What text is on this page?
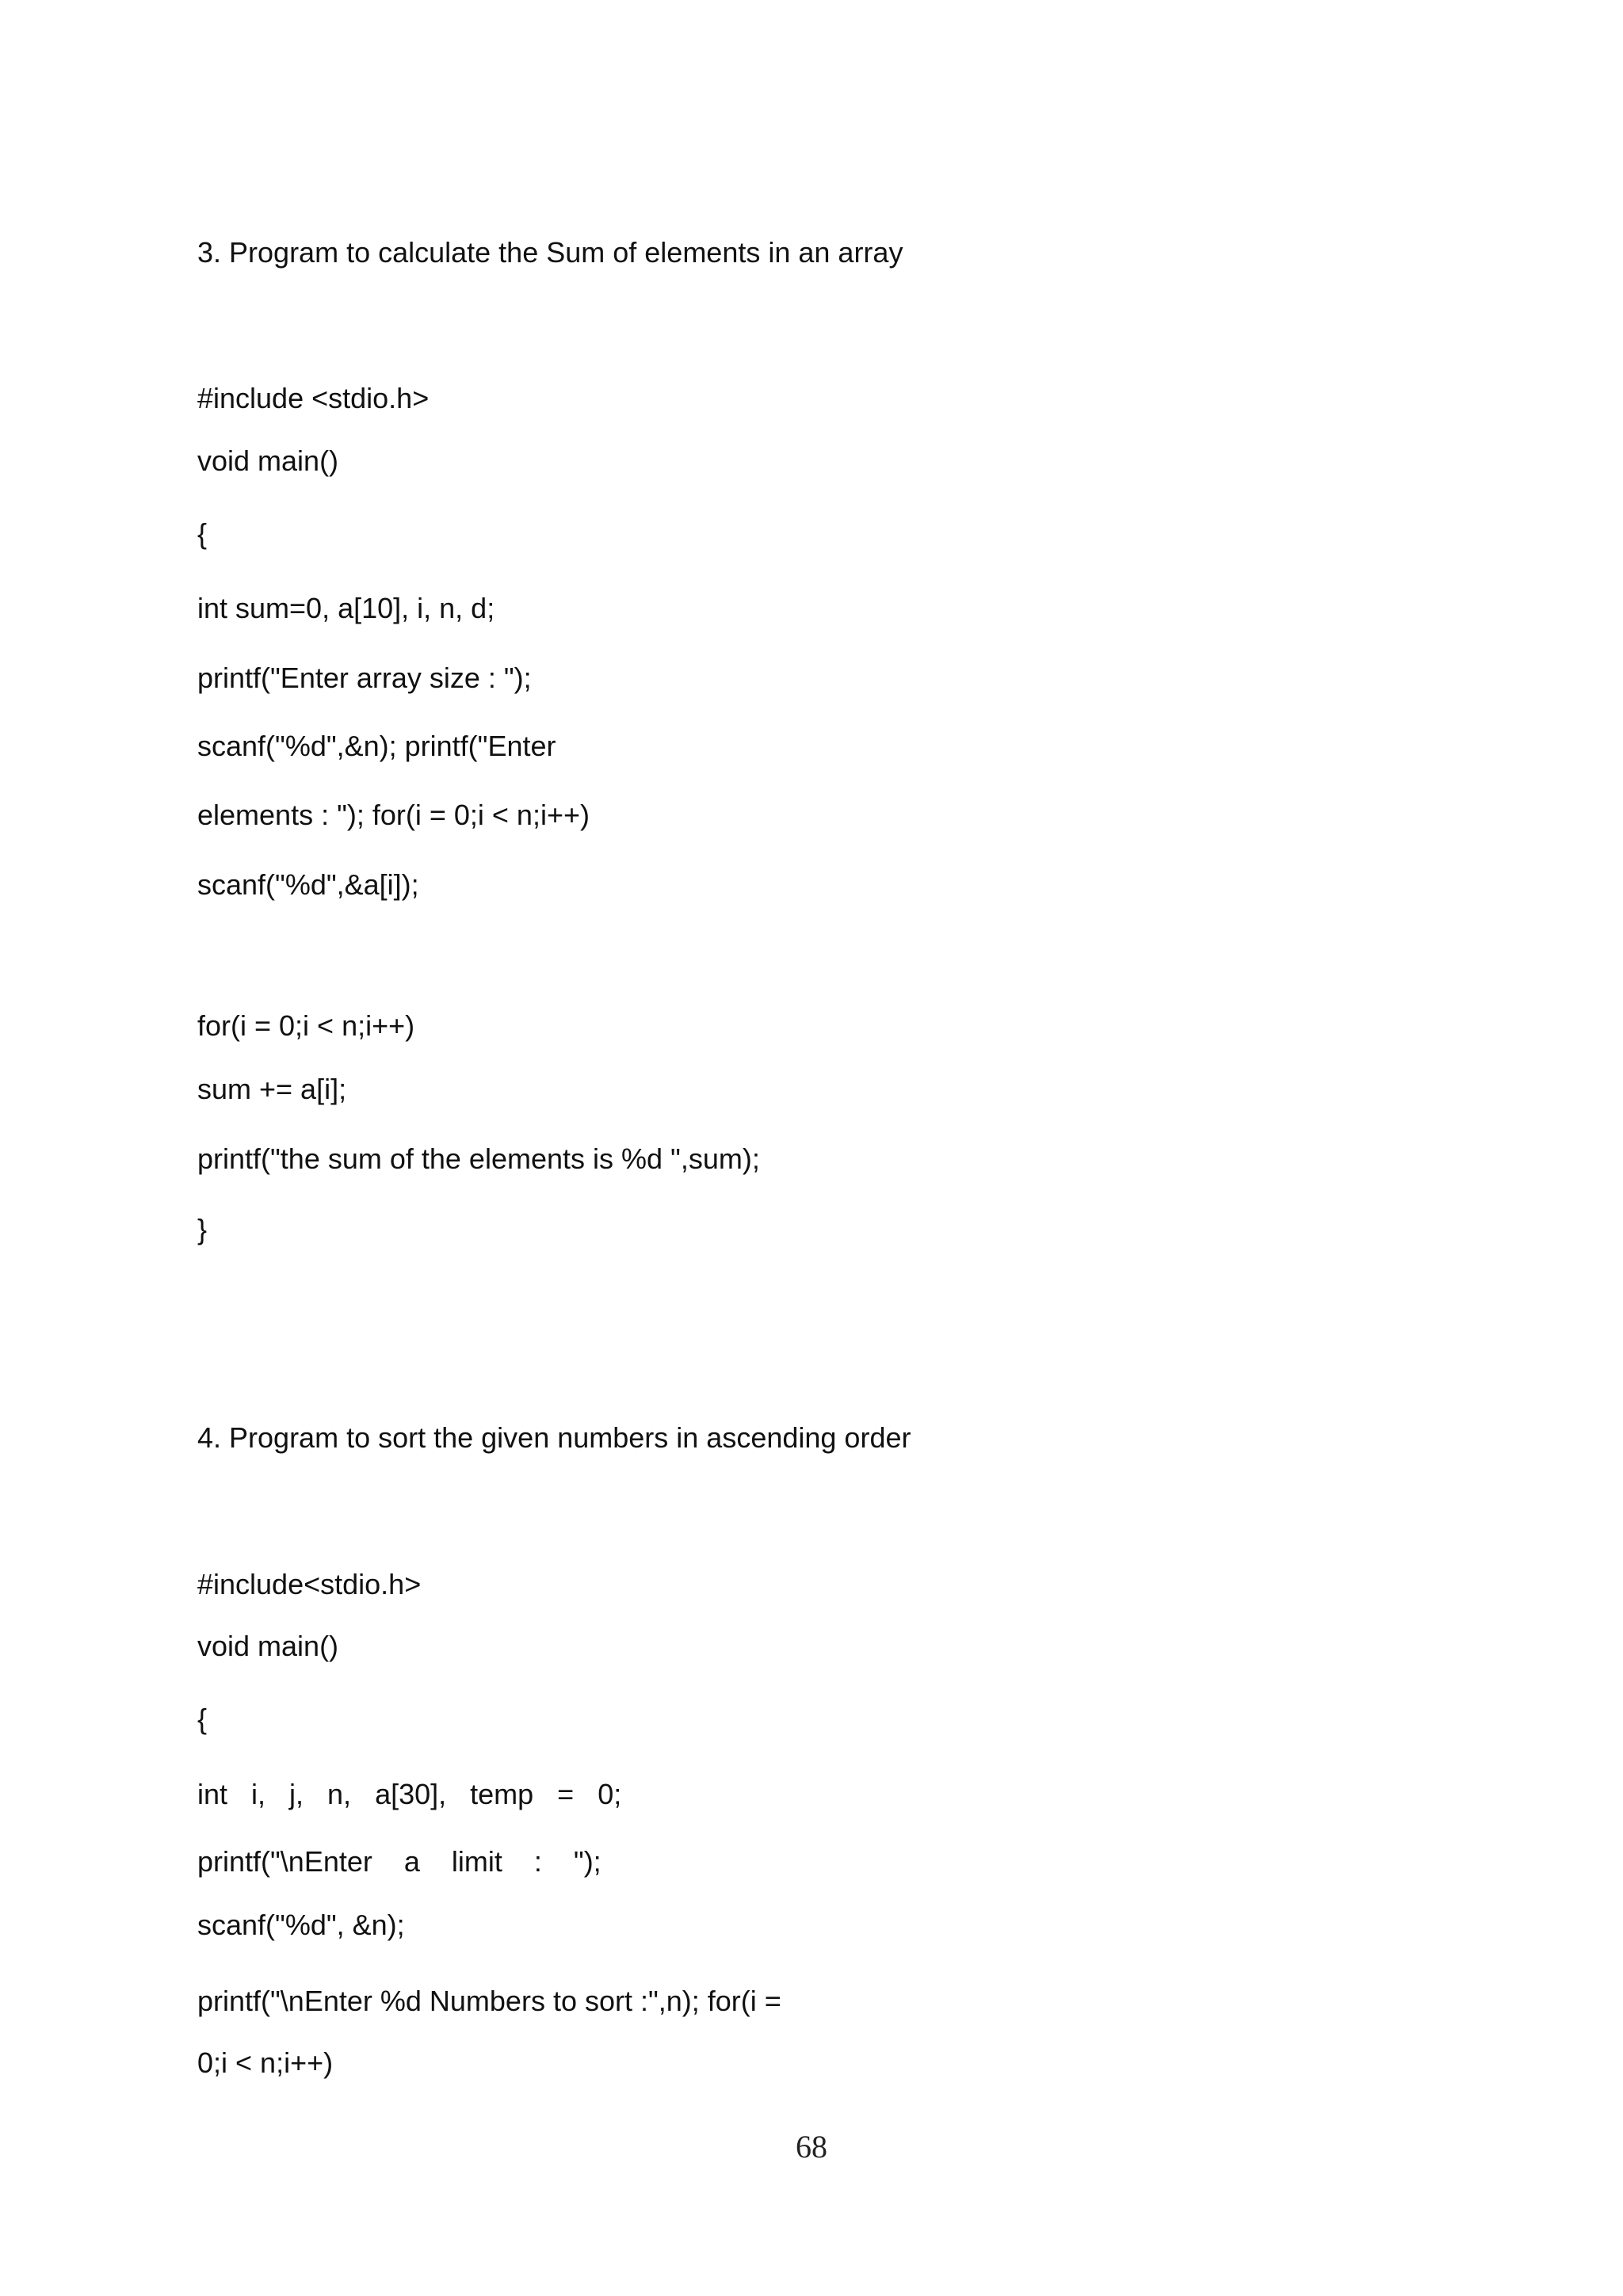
3. Program to calculate the Sum of elements in an array

#include <stdio.h>

void main()

{

int sum=0, a[10], i, n, d;

printf("Enter array size : ");

scanf("%d",&n); printf("Enter

elements : "); for(i = 0;i < n;i++)

scanf("%d",&a[i]);

for(i = 0;i < n;i++)

sum += a[i];

printf("the sum of the elements is %d ",sum);

}

4. Program to sort the given numbers in ascending order

#include<stdio.h>

void main()

{

int   i,   j,   n,   a[30],   temp   =   0;

printf("\nEnter    a    limit    :    ");

scanf("%d", &n);

printf("\nEnter %d Numbers to sort :",n); for(i =

0;i < n;i++)

68
